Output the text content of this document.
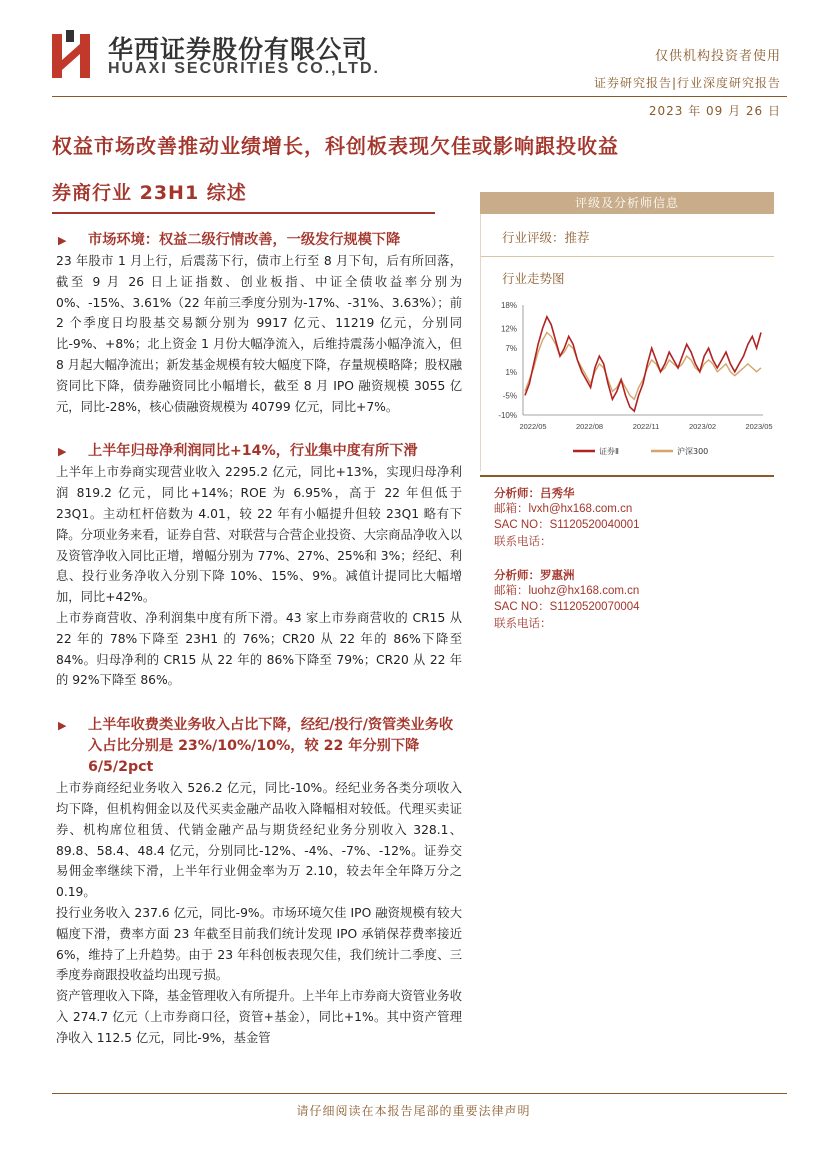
华西证券股份有限公司
HUAXI SECURITIES CO.,LTD.
仅供机构投资者使用
证券研究报告|行业深度研究报告
2023 年 09 月 26 日
权益市场改善推动业绩增长，科创板表现欠佳或影响跟投收益
券商行业 23H1 综述
▶ 市场环境：权益二级行情改善，一级发行规模下降
23 年股市 1 月上行，后震荡下行，债市上行至 8 月下旬，后有所回落，截至 9 月 26 日上证指数、创业板指、中证全债收益率分别为 0%、-15%、3.61%（22 年前三季度分别为-17%、-31%、3.63%）；前 2 个季度日均股基交易额分别为 9917 亿元、11219 亿元，分别同比-9%、+8%；北上资金 1 月份大幅净流入，后维持震荡小幅净流入，但 8 月起大幅净流出；新发基金规模有较大幅度下降，存量规模略降；股权融资同比下降，债券融资同比小幅增长，截至 8 月 IPO 融资规模 3055 亿元，同比-28%，核心债融资规模为 40799 亿元，同比+7%。
▶ 上半年归母净利润同比+14%，行业集中度有所下滑
上半年上市券商实现营业收入 2295.2 亿元，同比+13%，实现归母净利润 819.2 亿元，同比+14%；ROE 为 6.95%，高于 22 年但低于 23Q1。主动杠杆倍数为 4.01，较 22 年有小幅提升但较 23Q1 略有下降。分项业务来看，证券自营、对联营与合营企业投资、大宗商品净收入以及资管净收入同比正增，增幅分别为 77%、27%、25%和 3%；经纪、利息、投行业务净收入分别下降 10%、15%、9%。减值计提同比大幅增加，同比+42%。
上市券商营收、净利润集中度有所下滑。43 家上市券商营收的 CR15 从 22 年的 78%下降至 23H1 的 76%；CR20 从 22 年的 86%下降至 84%。归母净利的 CR15 从 22 年的 86%下降至 79%；CR20 从 22 年的 92%下降至 86%。
▶ 上半年收费类业务收入占比下降，经纪/投行/资管类业务收入占比分别是 23%/10%/10%，较 22 年分别下降 6/5/2pct
上市券商经纪业务收入 526.2 亿元，同比-10%。经纪业务各类分项收入均下降，但机构佣金以及代买卖金融产品收入降幅相对较低。代理买卖证券、机构席位租赁、代销金融产品与期货经纪业务分别收入 328.1、89.8、58.4、48.4 亿元，分别同比-12%、-4%、-7%、-12%。证券交易佣金率继续下滑，上半年行业佣金率为万 2.10，较去年全年降万分之 0.19。
投行业务收入 237.6 亿元，同比-9%。市场环境欠佳 IPO 融资规模有较大幅度下滑，费率方面 23 年截至目前我们统计发现 IPO 承销保荐费率接近 6%，维持了上升趋势。由于 23 年科创板表现欠佳，我们统计二季度、三季度券商跟投收益均出现亏损。
资产管理收入下降，基金管理收入有所提升。上半年上市券商大资管业务收入 274.7 亿元（上市券商口径，资管+基金），同比+1%。其中资产管理净收入 112.5 亿元，同比-9%，基金管
评级及分析师信息
行业评级：推荐
行业走势图
18%
12%
7%
1%
-5%
-10%
2022/05	2022/08	2022/11	2023/02	2023/05
证券Ⅱ	沪深300
分析师：吕秀华
邮箱：lvxh@hx168.com.cn
SAC NO：S1120520040001
联系电话：
分析师：罗惠洲
邮箱：luohz@hx168.com.cn
SAC NO：S1120520070004
联系电话：
请仔细阅读在本报告尾部的重要法律声明
